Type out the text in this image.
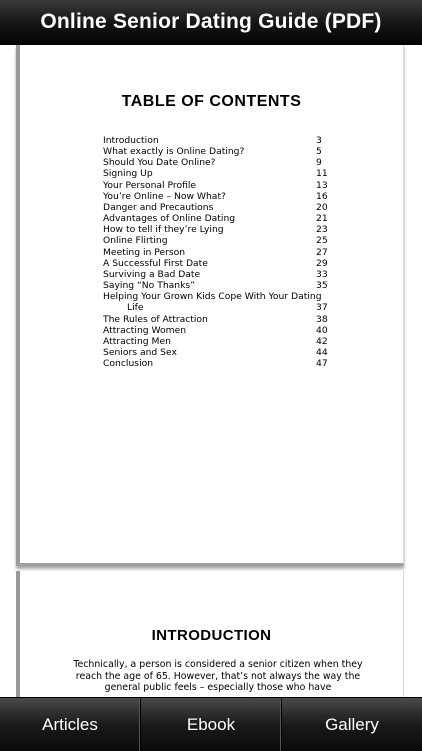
Online Senior Dating Guide (PDF)
TABLE OF CONTENTS
Introduction	3
What exactly is Online Dating?	5
Should You Date Online?	9
Signing Up	11
Your Personal Profile	13
You’re Online – Now What?	16
Danger and Precautions	20
Advantages of Online Dating	21
How to tell if they’re Lying	23
Online Flirting	25
Meeting in Person	27
A Successful First Date	29
Surviving a Bad Date	33
Saying “No Thanks”	35
Helping Your Grown Kids Cope With Your Dating Life	37
The Rules of Attraction	38
Attracting Women	40
Attracting Men	42
Seniors and Sex	44
Conclusion	47
INTRODUCTION

Technically, a person is considered a senior citizen when they reach the age of 65. However, that’s not always the way the general public feels – especially those who have

Articles	Ebook	Gallery
